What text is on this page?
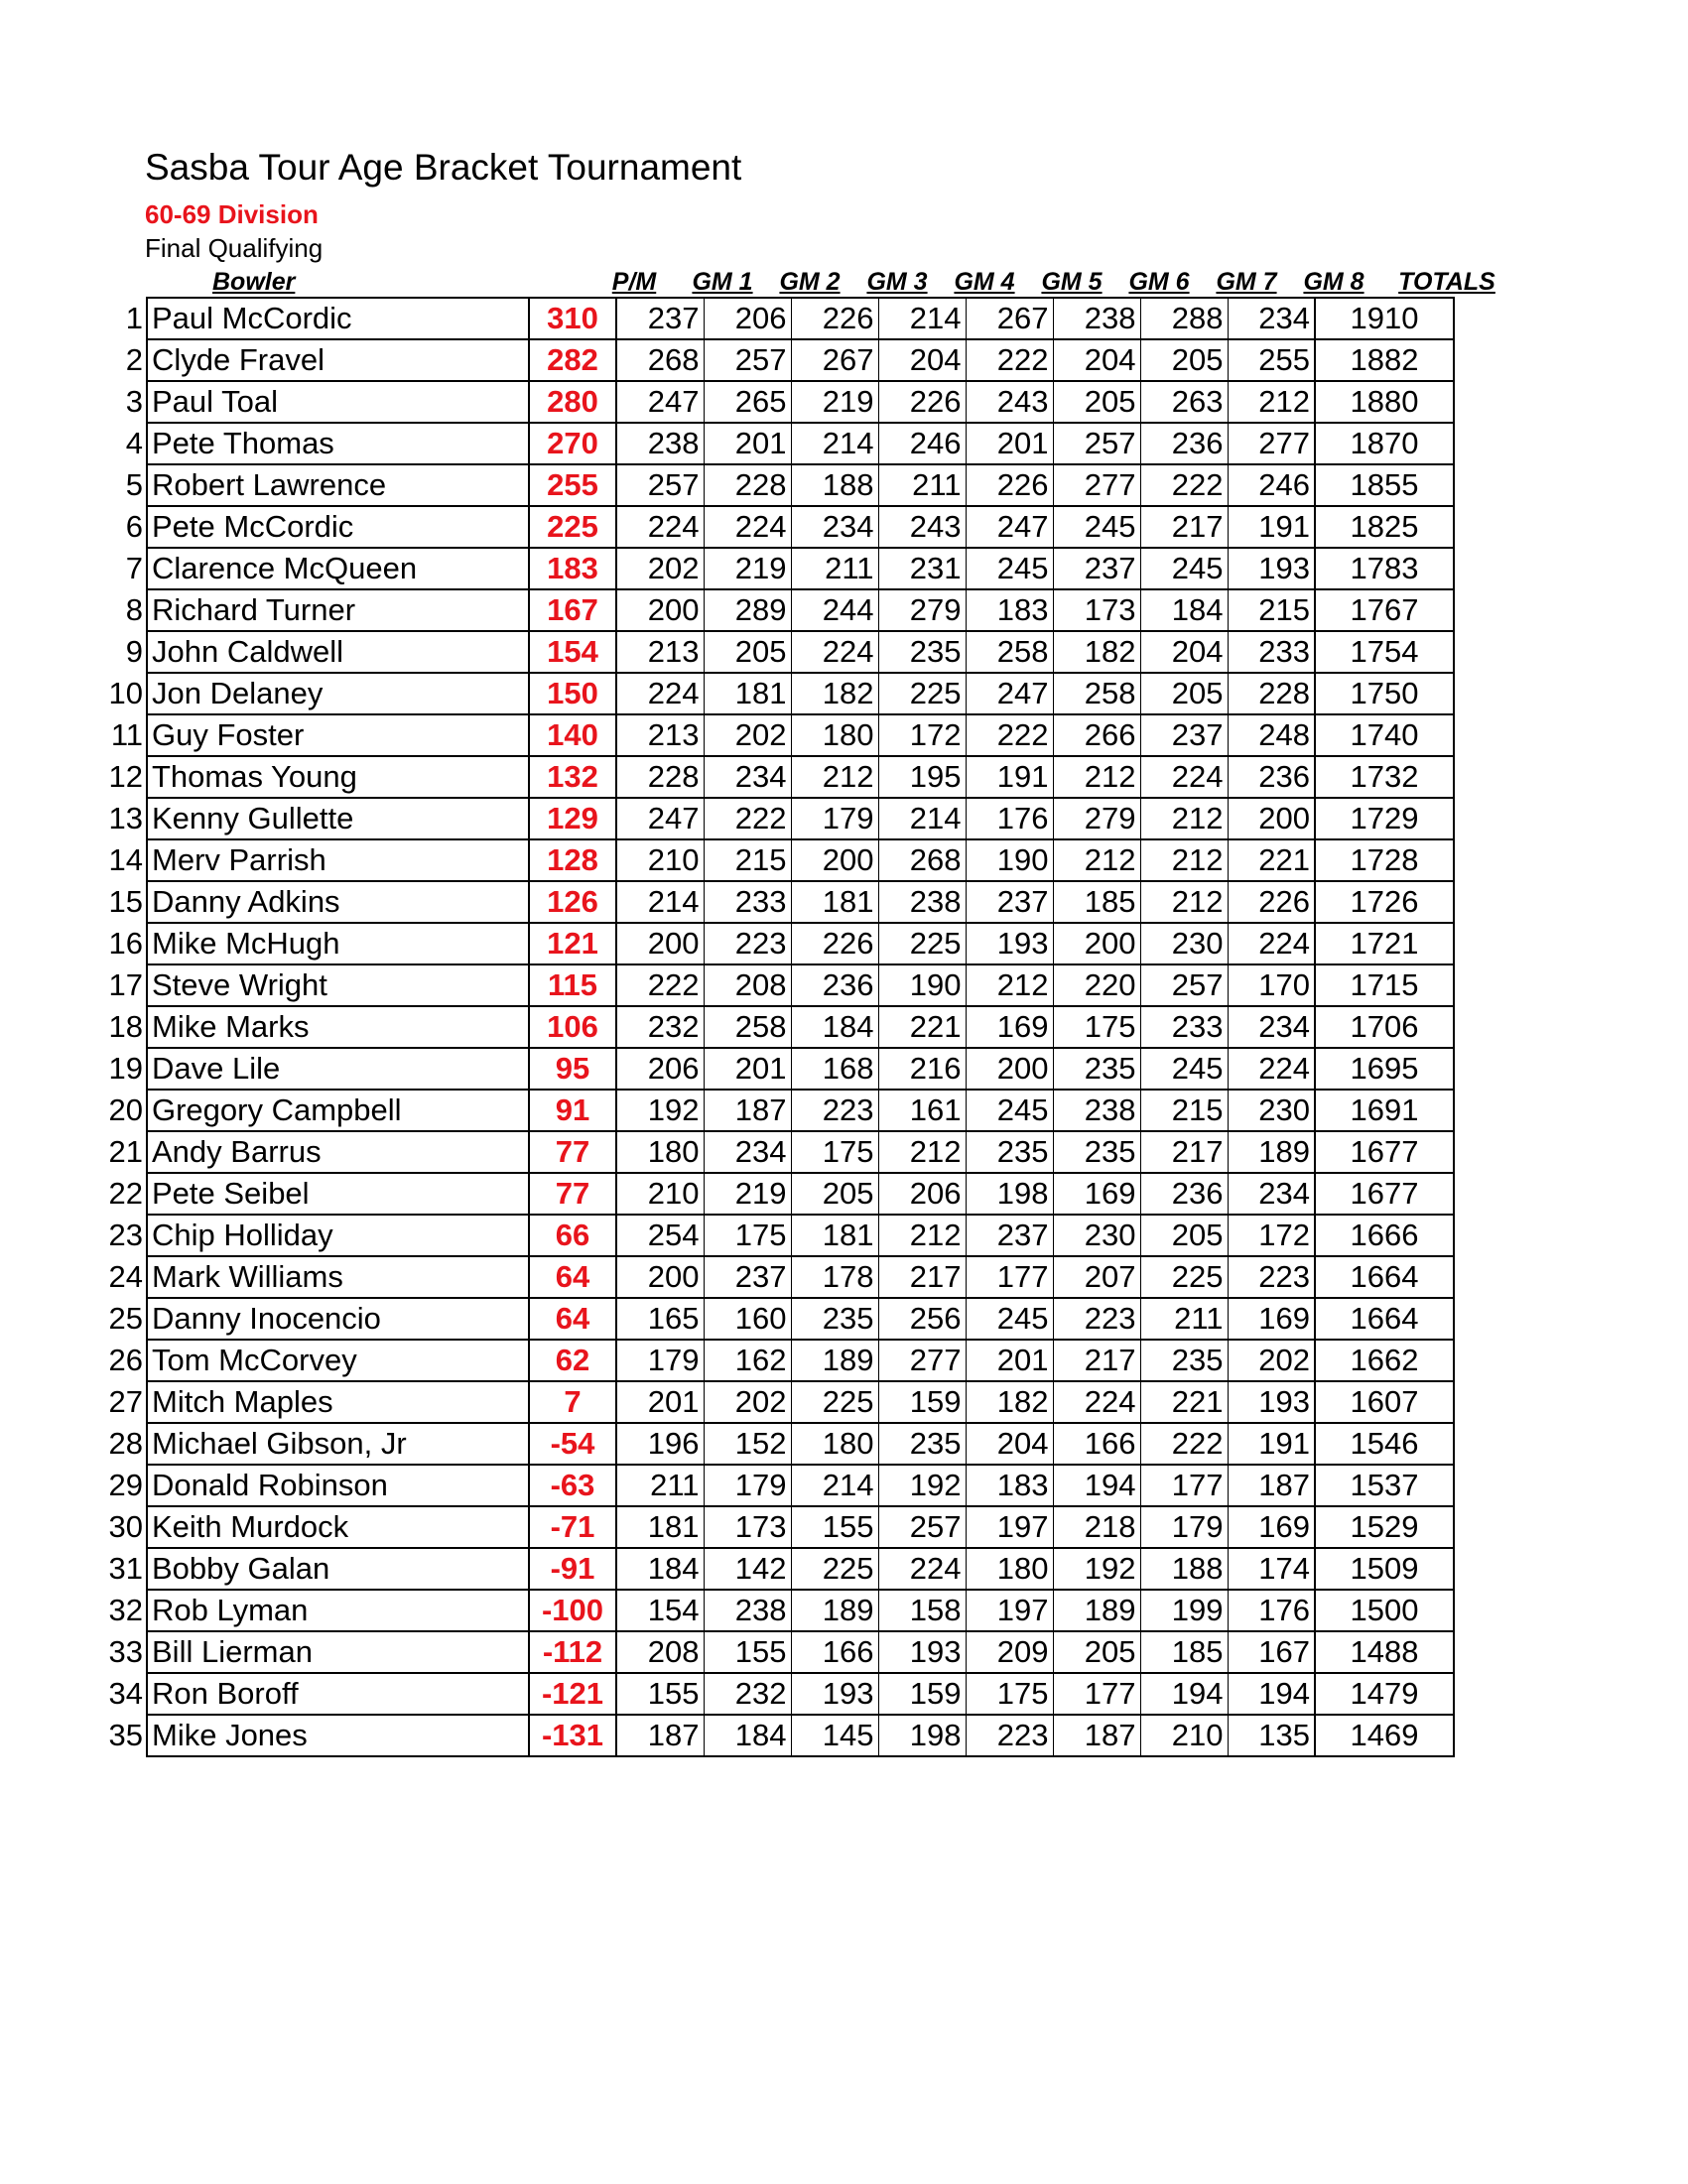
Sasba Tour Age Bracket Tournament
60-69 Division
Final Qualifying
Bowler	P/M	GM 1	GM 2	GM 3	GM 4	GM 5	GM 6	GM 7	GM 8	TOTALS
1	Paul McCordic	310	237	206	226	214	267	238	288	234	1910
2	Clyde Fravel	282	268	257	267	204	222	204	205	255	1882
3	Paul Toal	280	247	265	219	226	243	205	263	212	1880
4	Pete Thomas	270	238	201	214	246	201	257	236	277	1870
5	Robert Lawrence	255	257	228	188	211	226	277	222	246	1855
6	Pete McCordic	225	224	224	234	243	247	245	217	191	1825
7	Clarence McQueen	183	202	219	211	231	245	237	245	193	1783
8	Richard Turner	167	200	289	244	279	183	173	184	215	1767
9	John Caldwell	154	213	205	224	235	258	182	204	233	1754
10	Jon Delaney	150	224	181	182	225	247	258	205	228	1750
11	Guy Foster	140	213	202	180	172	222	266	237	248	1740
12	Thomas Young	132	228	234	212	195	191	212	224	236	1732
13	Kenny Gullette	129	247	222	179	214	176	279	212	200	1729
14	Merv Parrish	128	210	215	200	268	190	212	212	221	1728
15	Danny Adkins	126	214	233	181	238	237	185	212	226	1726
16	Mike McHugh	121	200	223	226	225	193	200	230	224	1721
17	Steve Wright	115	222	208	236	190	212	220	257	170	1715
18	Mike Marks	106	232	258	184	221	169	175	233	234	1706
19	Dave Lile	95	206	201	168	216	200	235	245	224	1695
20	Gregory Campbell	91	192	187	223	161	245	238	215	230	1691
21	Andy Barrus	77	180	234	175	212	235	235	217	189	1677
22	Pete Seibel	77	210	219	205	206	198	169	236	234	1677
23	Chip Holliday	66	254	175	181	212	237	230	205	172	1666
24	Mark Williams	64	200	237	178	217	177	207	225	223	1664
25	Danny Inocencio	64	165	160	235	256	245	223	211	169	1664
26	Tom McCorvey	62	179	162	189	277	201	217	235	202	1662
27	Mitch Maples	7	201	202	225	159	182	224	221	193	1607
28	Michael Gibson, Jr	-54	196	152	180	235	204	166	222	191	1546
29	Donald Robinson	-63	211	179	214	192	183	194	177	187	1537
30	Keith Murdock	-71	181	173	155	257	197	218	179	169	1529
31	Bobby Galan	-91	184	142	225	224	180	192	188	174	1509
32	Rob Lyman	-100	154	238	189	158	197	189	199	176	1500
33	Bill Lierman	-112	208	155	166	193	209	205	185	167	1488
34	Ron Boroff	-121	155	232	193	159	175	177	194	194	1479
35	Mike Jones	-131	187	184	145	198	223	187	210	135	1469
